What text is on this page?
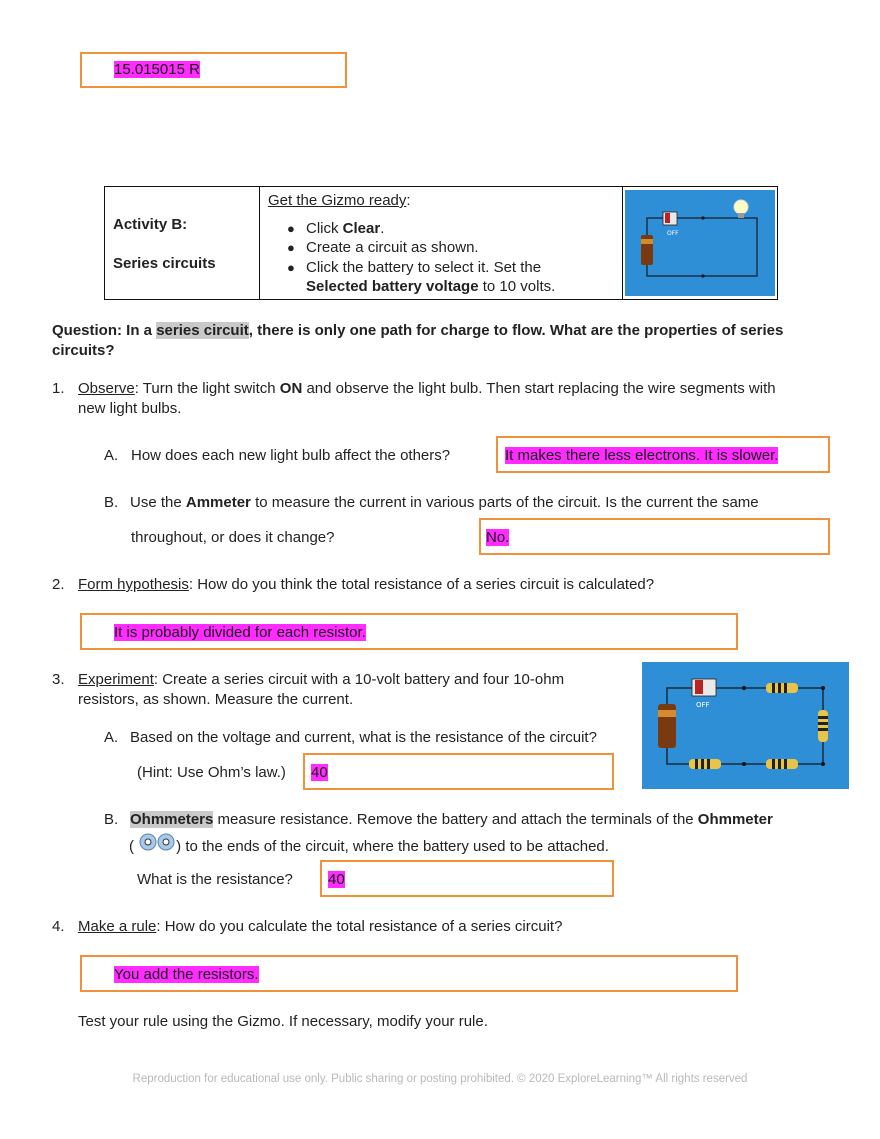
15.015015 R
Activity B:
Series circuits

Get the Gizmo ready:
● Click Clear.
● Create a circuit as shown.
● Click the battery to select it. Set the
Selected battery voltage to 10 volts.

OFF
Question: In a series circuit, there is only one path for charge to flow. What are the properties of series
circuits?
1. Observe: Turn the light switch ON and observe the light bulb. Then start replacing the wire segments with
new light bulbs.
A. How does each new light bulb affect the others?	It makes there less electrons. It is slower.
B. Use the Ammeter to measure the current in various parts of the circuit. Is the current the same
throughout, or does it change?	No.
2. Form hypothesis: How do you think the total resistance of a series circuit is calculated?
It is probably divided for each resistor.
3. Experiment: Create a series circuit with a 10-volt battery and four 10-ohm
resistors, as shown. Measure the current.	OFF
A. Based on the voltage and current, what is the resistance of the circuit?
(Hint: Use Ohm’s law.) 40
B. Ohmmeters measure resistance. Remove the battery and attach the terminals of the Ohmmeter
(	) to the ends of the circuit, where the battery used to be attached.
What is the resistance? 40
4. Make a rule: How do you calculate the total resistance of a series circuit?
You add the resistors.
Test your rule using the Gizmo. If necessary, modify your rule.
Reproduction for educational use only. Public sharing or posting prohibited. © 2020 ExploreLearning™ All rights reserved
